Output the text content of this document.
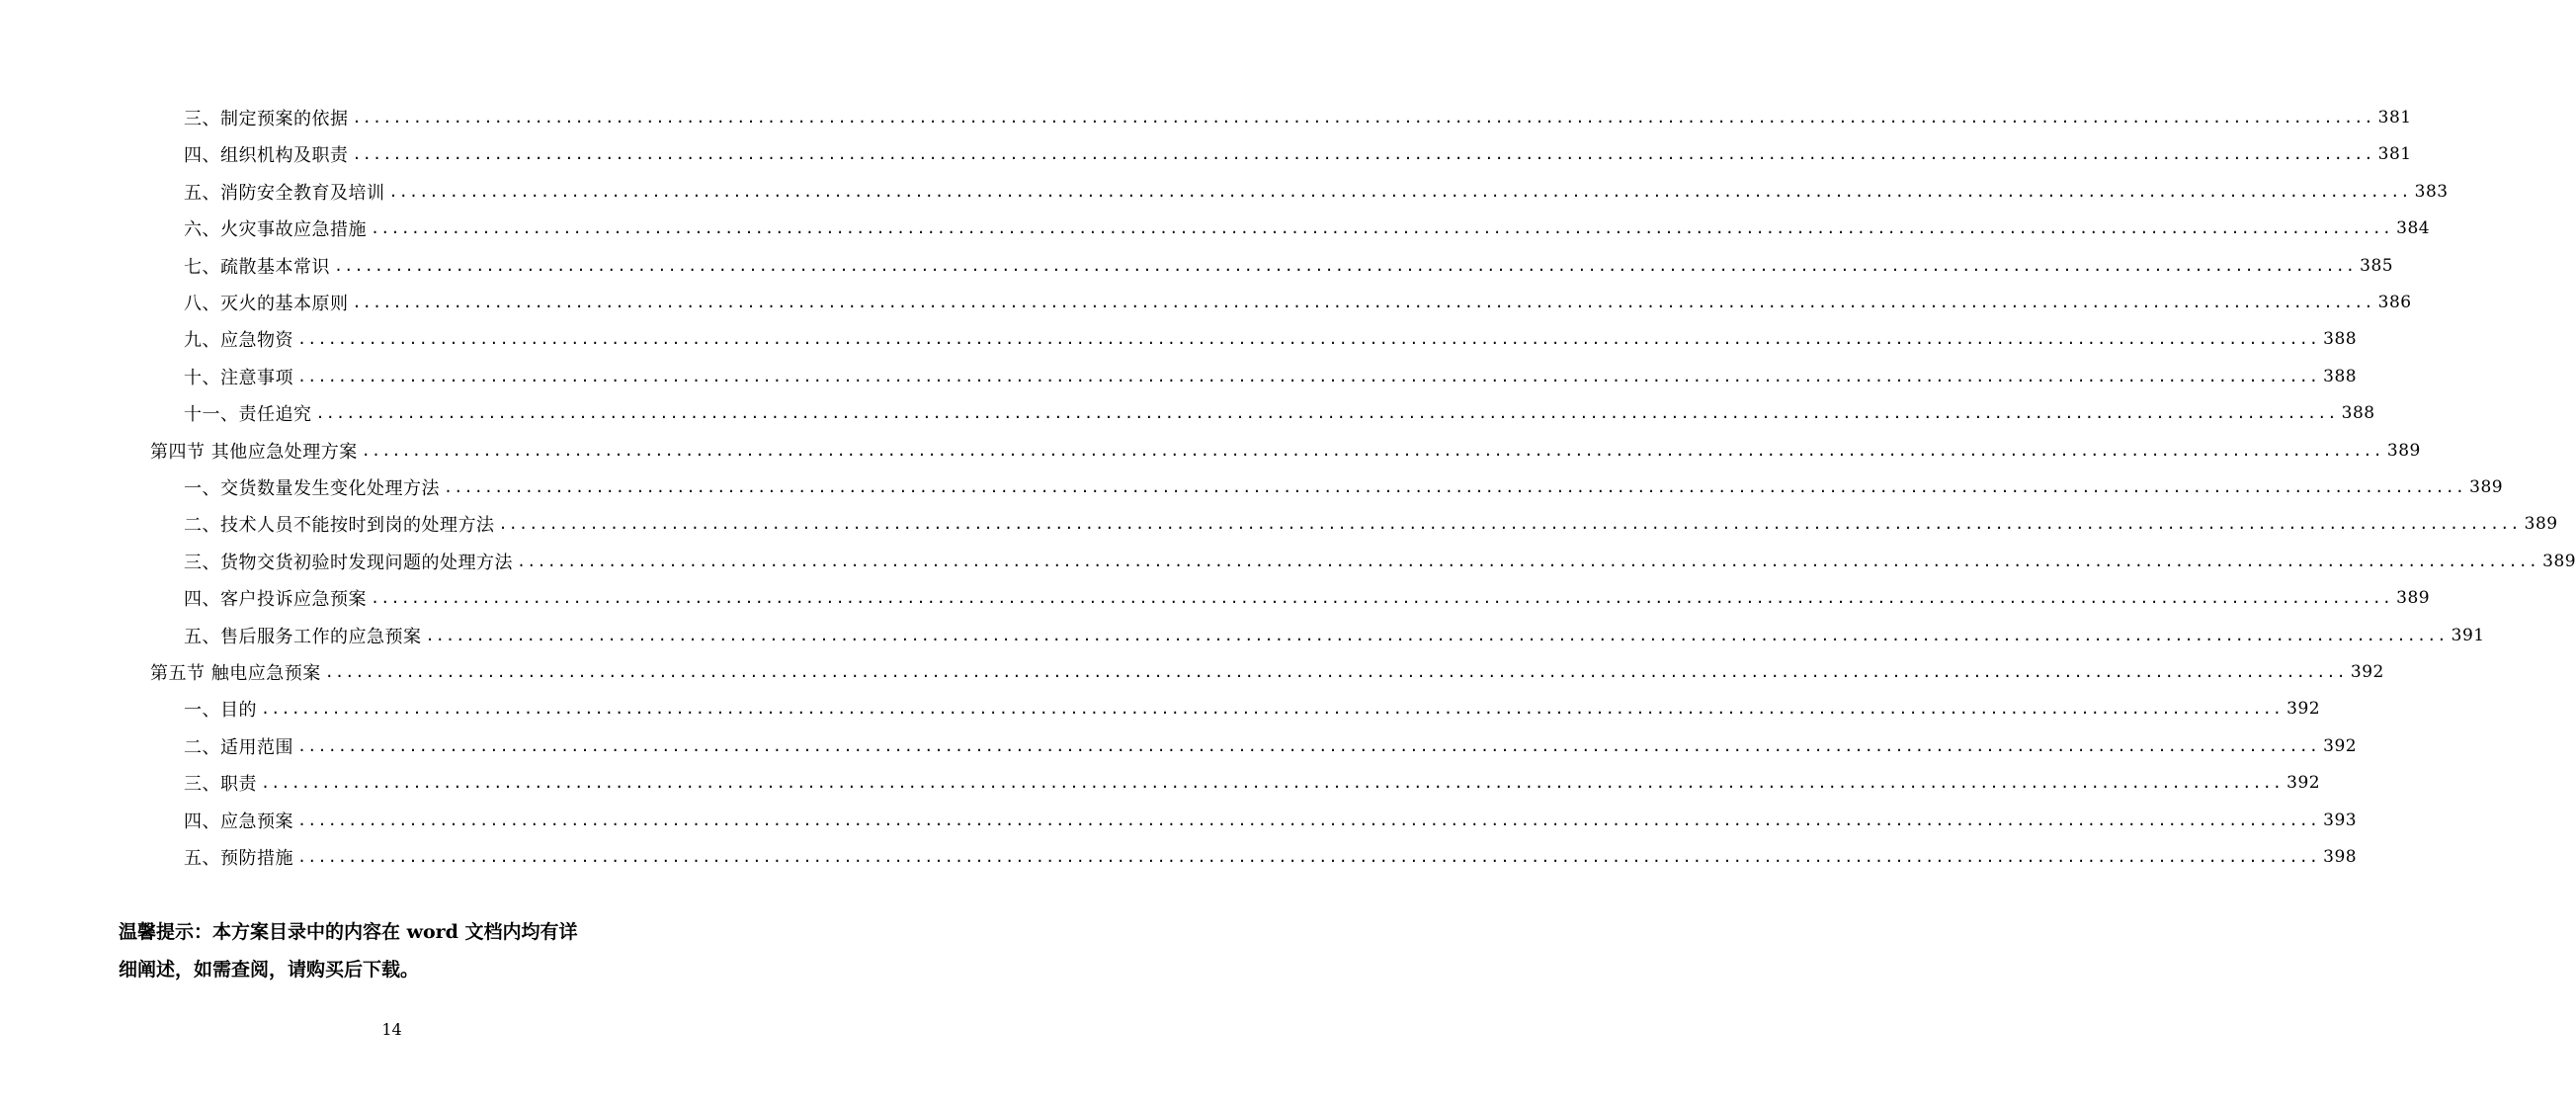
三、制定预案的依据 ........................................................................................................................................................................................................ 381
四、组织机构及职责 ........................................................................................................................................................................................................ 381
五、消防安全教育及培训 ........................................................................................................................................................................................................ 383
六、火灾事故应急措施 ........................................................................................................................................................................................................ 384
七、疏散基本常识 ........................................................................................................................................................................................................ 385
八、灭火的基本原则 ........................................................................................................................................................................................................ 386
九、应急物资 ........................................................................................................................................................................................................ 388
十、注意事项 ........................................................................................................................................................................................................ 388
十一、责任追究 ........................................................................................................................................................................................................ 388
第四节 其他应急处理方案 ........................................................................................................................................................................................................ 389
一、交货数量发生变化处理方法 ........................................................................................................................................................................................................ 389
二、技术人员不能按时到岗的处理方法 ........................................................................................................................................................................................................ 389
三、货物交货初验时发现问题的处理方法 ........................................................................................................................................................................................................ 389
四、客户投诉应急预案 ........................................................................................................................................................................................................ 389
五、售后服务工作的应急预案 ........................................................................................................................................................................................................ 391
第五节 触电应急预案 ........................................................................................................................................................................................................ 392
一、目的 ........................................................................................................................................................................................................ 392
二、适用范围 ........................................................................................................................................................................................................ 392
三、职责 ........................................................................................................................................................................................................ 392
四、应急预案 ........................................................................................................................................................................................................ 393
五、预防措施 ........................................................................................................................................................................................................ 398

温馨提示：本方案目录中的内容在 word 文档内均有详

细阐述，如需查阅，请购买后下载。

14
